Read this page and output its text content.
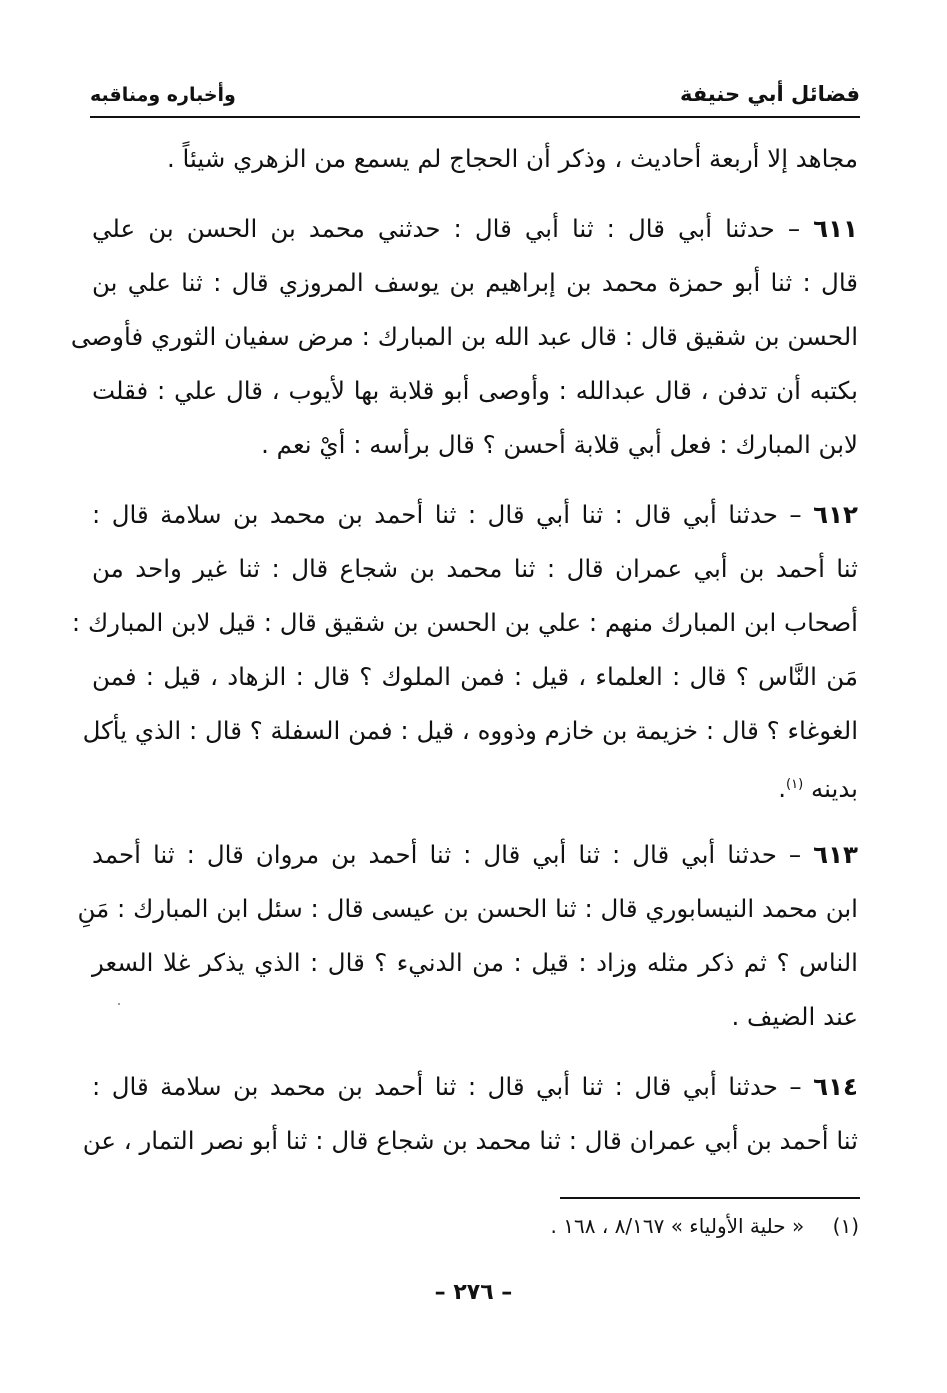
فضائل أبي حنيفة
وأخباره ومناقبه
مجاهد إلا أربعة أحاديث ، وذكر أن الحجاج لم يسمع من الزهري شيئاً .
٦١١ – حدثنا أبي قال : ثنا أبي قال : حدثني محمد بن الحسن بن علي
قال : ثنا أبو حمزة محمد بن إبراهيم بن يوسف المروزي قال : ثنا علي بن
الحسن بن شقيق قال : قال عبد الله بن المبارك : مرض سفيان الثوري فأوصى
بكتبه أن تدفن ، قال عبدالله : وأوصى أبو قلابة بها لأيوب ، قال علي : فقلت
لابن المبارك : فعل أبي قلابة أحسن ؟ قال برأسه : أيْ نعم .
٦١٢ – حدثنا أبي قال : ثنا أبي قال : ثنا أحمد بن محمد بن سلامة قال :
ثنا أحمد بن أبي عمران قال : ثنا محمد بن شجاع قال : ثنا غير واحد من
أصحاب ابن المبارك منهم : علي بن الحسن بن شقيق قال : قيل لابن المبارك :
مَن النَّاس ؟ قال : العلماء ، قيل : فمن الملوك ؟ قال : الزهاد ، قيل : فمن
الغوغاء ؟ قال : خزيمة بن خازم وذووه ، قيل : فمن السفلة ؟ قال : الذي يأكل
بدينه $^{(١)}$.
٦١٣ – حدثنا أبي قال : ثنا أبي قال : ثنا أحمد بن مروان قال : ثنا أحمد
ابن محمد النيسابوري قال : ثنا الحسن بن عيسى قال : سئل ابن المبارك : مَنِ
الناس ؟ ثم ذكر مثله وزاد : قيل : من الدنيء ؟ قال : الذي يذكر غلا السعر
عند الضيف .
٦١٤ – حدثنا أبي قال : ثنا أبي قال : ثنا أحمد بن محمد بن سلامة قال :
ثنا أحمد بن أبي عمران قال : ثنا محمد بن شجاع قال : ثنا أبو نصر التمار ، عن
(١) « حلية الأولياء » ٨/١٦٧ ، ١٦٨ .
– ٢٧٦ –
